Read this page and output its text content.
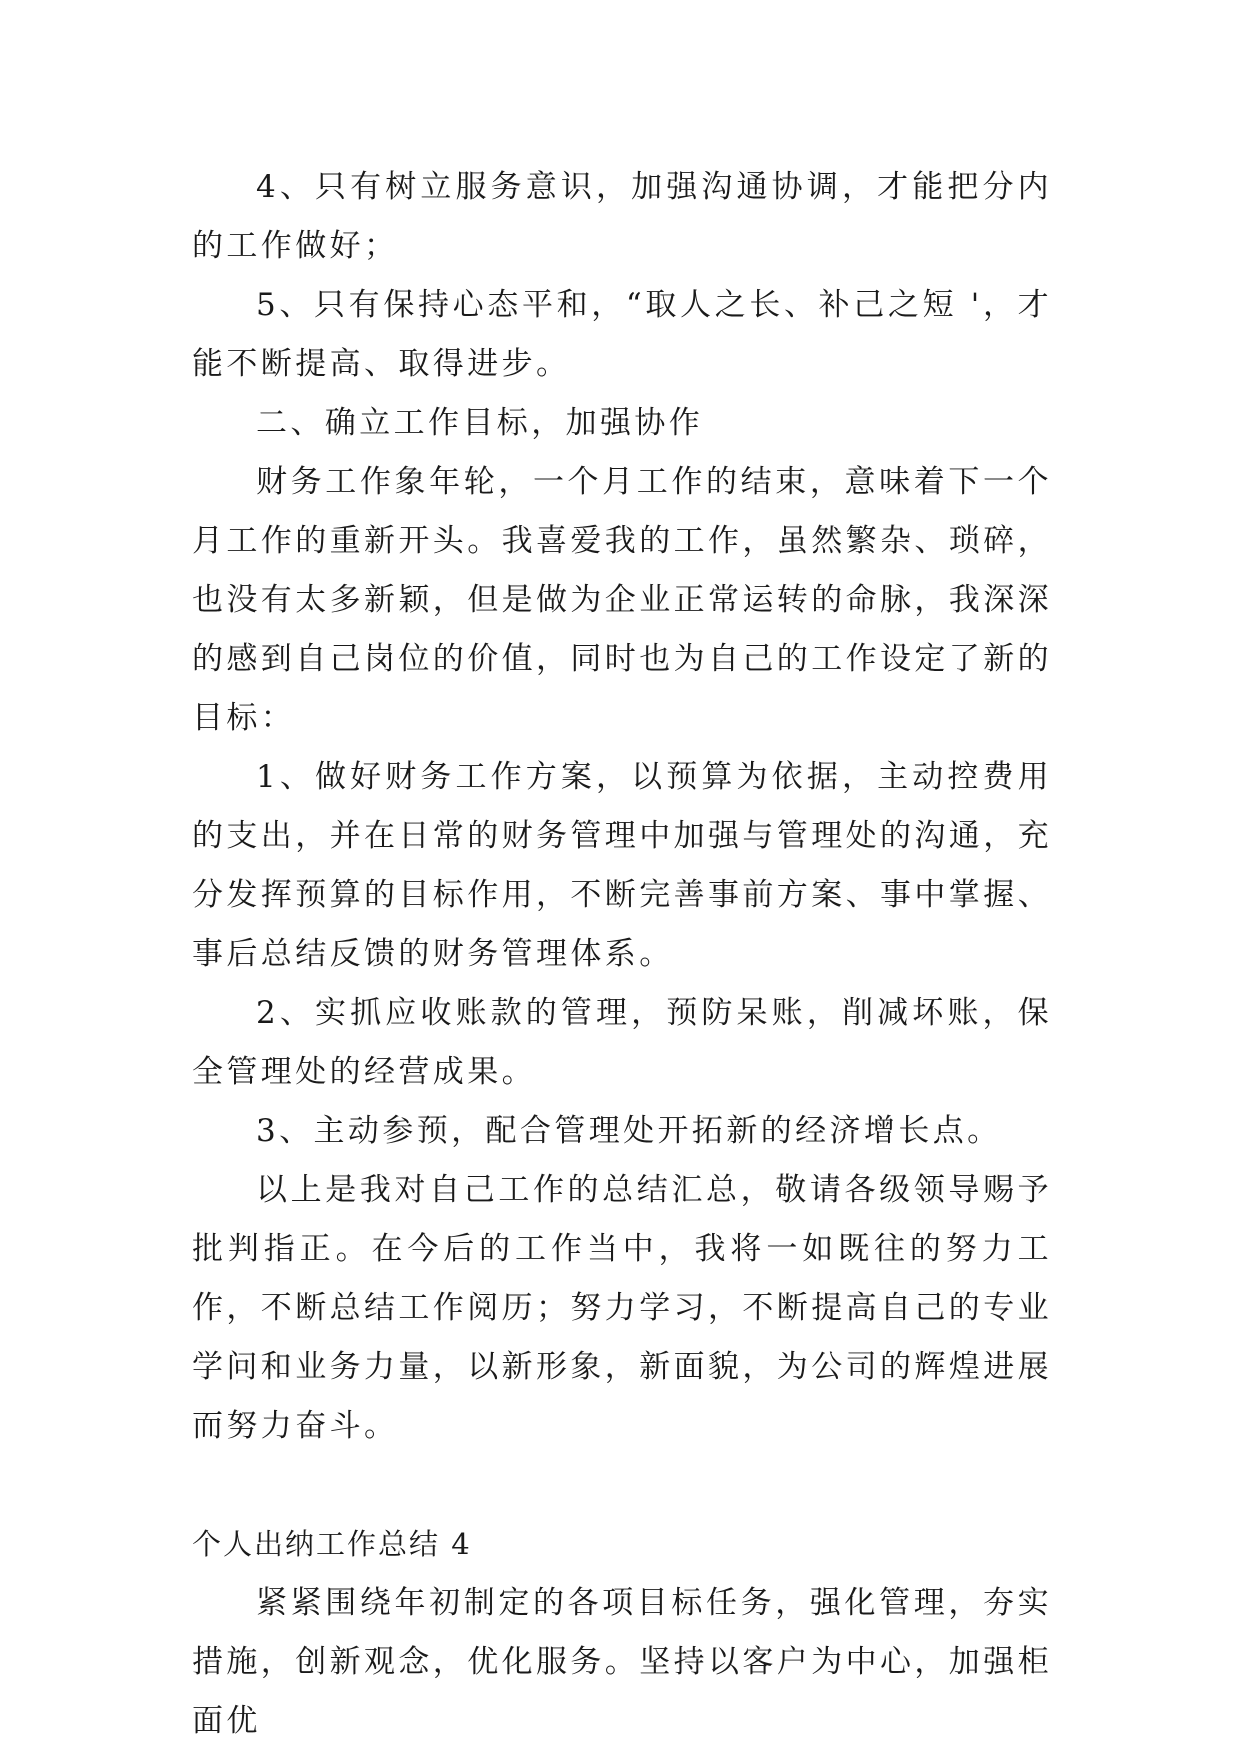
4、只有树立服务意识，加强沟通协调，才能把分内的工作做好；

5、只有保持心态平和，“取人之长、补己之短 '，才能不断提高、取得进步。

二、确立工作目标，加强协作

财务工作象年轮，一个月工作的结束，意味着下一个月工作的重新开头。我喜爱我的工作，虽然繁杂、琐碎，也没有太多新颖，但是做为企业正常运转的命脉，我深深的感到自己岗位的价值，同时也为自己的工作设定了新的目标：

1、做好财务工作方案，以预算为依据，主动控费用的支出，并在日常的财务管理中加强与管理处的沟通，充分发挥预算的目标作用，不断完善事前方案、事中掌握、事后总结反馈的财务管理体系。

2、实抓应收账款的管理，预防呆账，削减坏账，保全管理处的经营成果。

3、主动参预，配合管理处开拓新的经济增长点。

以上是我对自己工作的总结汇总，敬请各级领导赐予批判指正。在今后的工作当中，我将一如既往的努力工作，不断总结工作阅历；努力学习，不断提高自己的专业学问和业务力量，以新形象，新面貌，为公司的辉煌进展而努力奋斗。

个人出纳工作总结 4

紧紧围绕年初制定的各项目标任务，强化管理，夯实措施，创新观念，优化服务。坚持以客户为中心，加强柜面优
